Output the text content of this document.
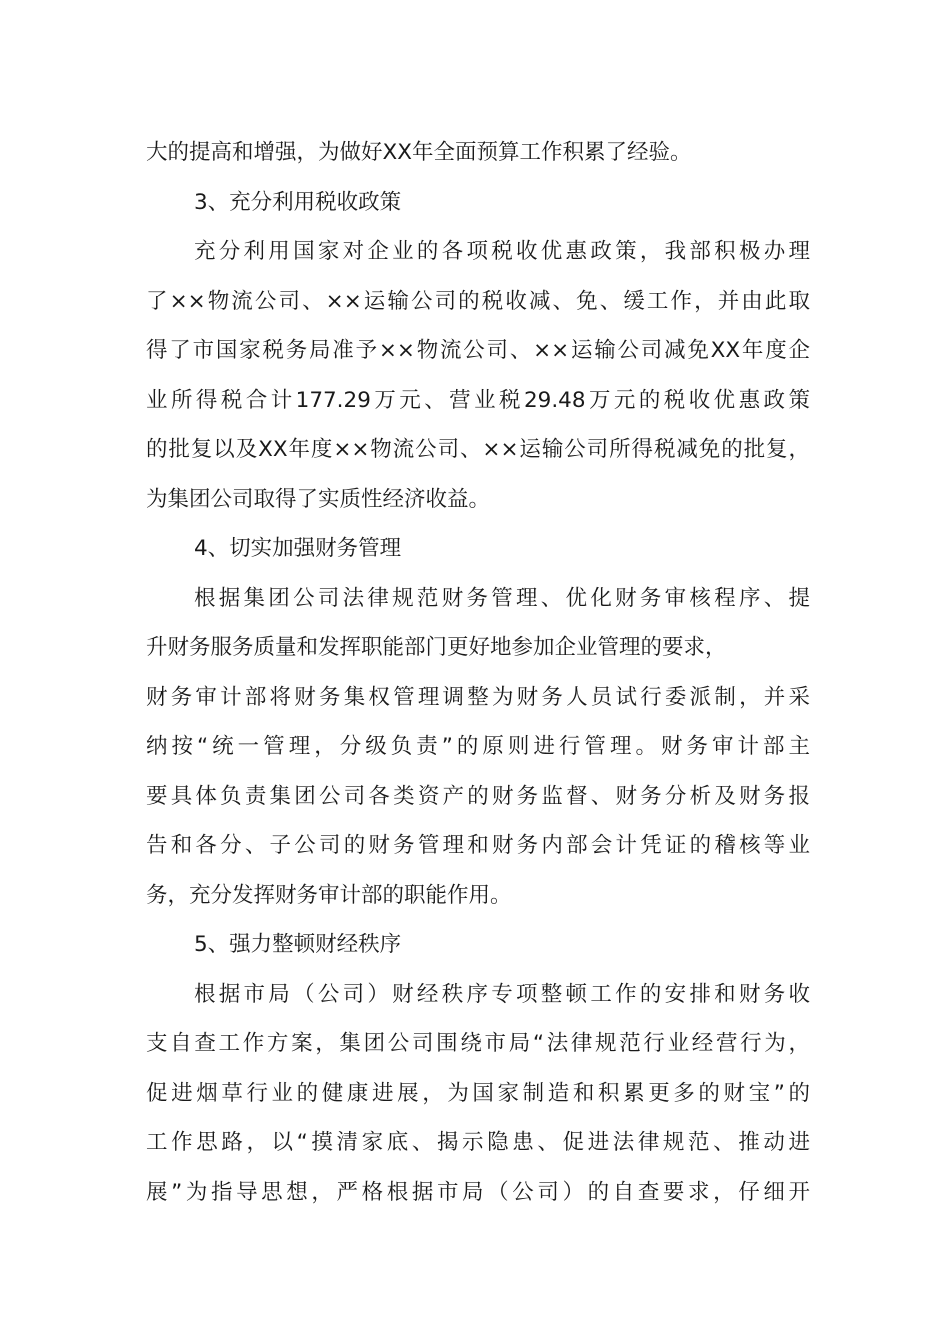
大的提高和增强，为做好XX年全面预算工作积累了经验。
3、充分利用税收政策
充分利用国家对企业的各项税收优惠政策，我部积极办理
了××物流公司、××运输公司的税收减、免、缓工作，并由此取
得了市国家税务局准予××物流公司、××运输公司减免XX年度企
业所得税合计177.29万元、营业税29.48万元的税收优惠政策
的批复以及XX年度××物流公司、××运输公司所得税减免的批复，
为集团公司取得了实质性经济收益。
4、切实加强财务管理
根据集团公司法律规范财务管理、优化财务审核程序、提
升财务服务质量和发挥职能部门更好地参加企业管理的要求，
财务审计部将财务集权管理调整为财务人员试行委派制，并采
纳按“统一管理，分级负责”的原则进行管理。财务审计部主
要具体负责集团公司各类资产的财务监督、财务分析及财务报
告和各分、子公司的财务管理和财务内部会计凭证的稽核等业
务，充分发挥财务审计部的职能作用。
5、强力整顿财经秩序
根据市局（公司）财经秩序专项整顿工作的安排和财务收
支自查工作方案，集团公司围绕市局“法律规范行业经营行为，
促进烟草行业的健康进展，为国家制造和积累更多的财宝”的
工作思路，以“摸清家底、揭示隐患、促进法律规范、推动进
展”为指导思想，严格根据市局（公司）的自查要求，仔细开
